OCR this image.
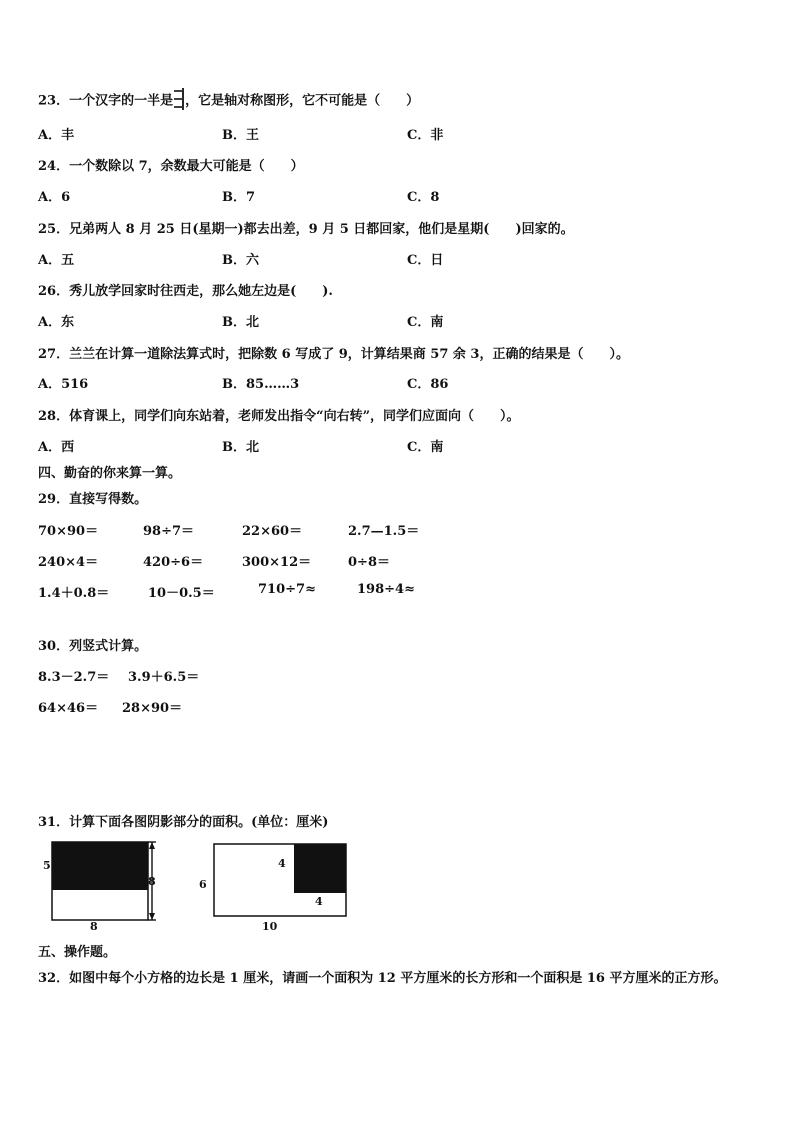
23．一个汉字的一半是 ，它是轴对称图形，它不可能是（　　）
A．丰	B．王	C．非
24．一个数除以 7，余数最大可能是（　　）
A．6	B．7	C．8
25．兄弟两人 8 月 25 日(星期一)都去出差，9 月 5 日都回家，他们是星期(　　)回家的。
A．五	B．六	C．日
26．秀儿放学回家时往西走，那么她左边是(　　).
A．东	B．北	C．南
27．兰兰在计算一道除法算式时，把除数 6 写成了 9，计算结果商 57 余 3，正确的结果是（　　）。
A．516	B．85……3	C．86
28．体育课上，同学们向东站着，老师发出指令“向右转”，同学们应面向（　　）。
A．西	B．北	C．南
四、勤奋的你来算一算。
29．直接写得数。
70×90＝	98÷7＝	22×60＝	2.7—1.5＝
240×4＝	420÷6＝	300×12＝	0÷8＝
1.4＋0.8＝	10－0.5＝	710÷7≈	198÷4≈
30．列竖式计算。
8.3－2.7＝ 3.9＋6.5＝
64×46＝ 28×90＝
31．计算下面各图阴影部分的面积。(单位：厘米)
5
8
8
6
4
4
10
五、操作题。
32．如图中每个小方格的边长是 1 厘米，请画一个面积为 12 平方厘米的长方形和一个面积是 16 平方厘米的正方形。
